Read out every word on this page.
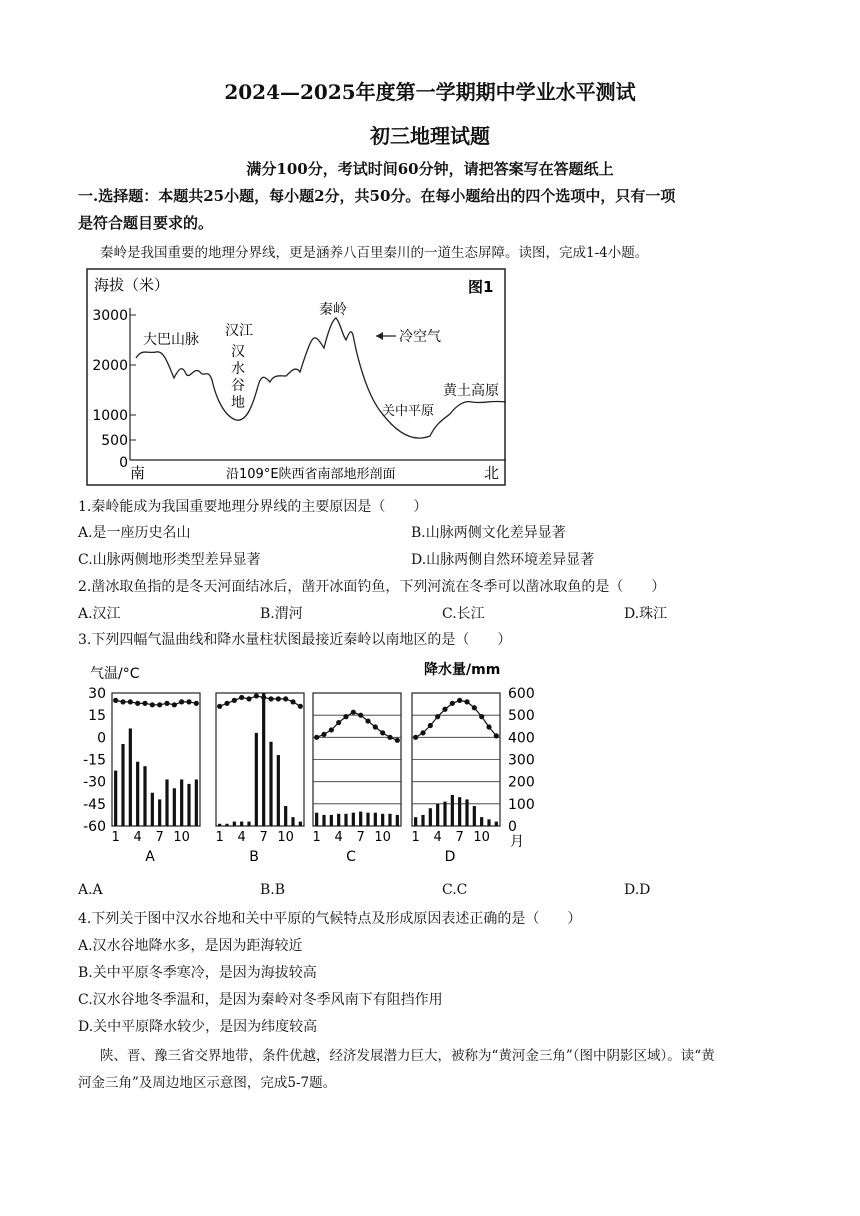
2024—2025年度第一学期期中学业水平测试
初三地理试题
满分100分，考试时间60分钟，请把答案写在答题纸上
一.选择题：本题共25小题，每小题2分，共50分。在每小题给出的四个选项中，只有一项
是符合题目要求的。
秦岭是我国重要的地理分界线，更是涵养八百里秦川的一道生态屏障。读图，完成1-4小题。
海拔（米）	图1
3000
2000
1000
500
0
大巴山脉
汉江
汉
水
谷
地
秦岭
冷空气
关中平原
黄土高原
南	沿109°E陕西省南部地形剖面	北
1.秦岭能成为我国重要地理分界线的主要原因是（　　）
A.是一座历史名山	B.山脉两侧文化差异显著
C.山脉两侧地形类型差异显著	D.山脉两侧自然环境差异显著
2.凿冰取鱼指的是冬天河面结冰后，凿开冰面钓鱼，下列河流在冬季可以凿冰取鱼的是（　　）
A.汉江	B.渭河	C.长江	D.珠江
3.下列四幅气温曲线和降水量柱状图最接近秦岭以南地区的是（　　）
气温/°C	降水量/mm
30
15
0
-15
-30
-45
-60
600
500
400
300
200
100
0
1 4 7 10
A
1 4 7 10
B
1 4 7 10
C
1 4 7 10
D
月
A.A	B.B	C.C	D.D
4.下列关于图中汉水谷地和关中平原的气候特点及形成原因表述正确的是（　　）
A.汉水谷地降水多，是因为距海较近
B.关中平原冬季寒冷，是因为海拔较高
C.汉水谷地冬季温和，是因为秦岭对冬季风南下有阻挡作用
D.关中平原降水较少，是因为纬度较高
陕、晋、豫三省交界地带，条件优越，经济发展潜力巨大，被称为“黄河金三角”（图中阴影区域）。读“黄
河金三角”及周边地区示意图，完成5-7题。
